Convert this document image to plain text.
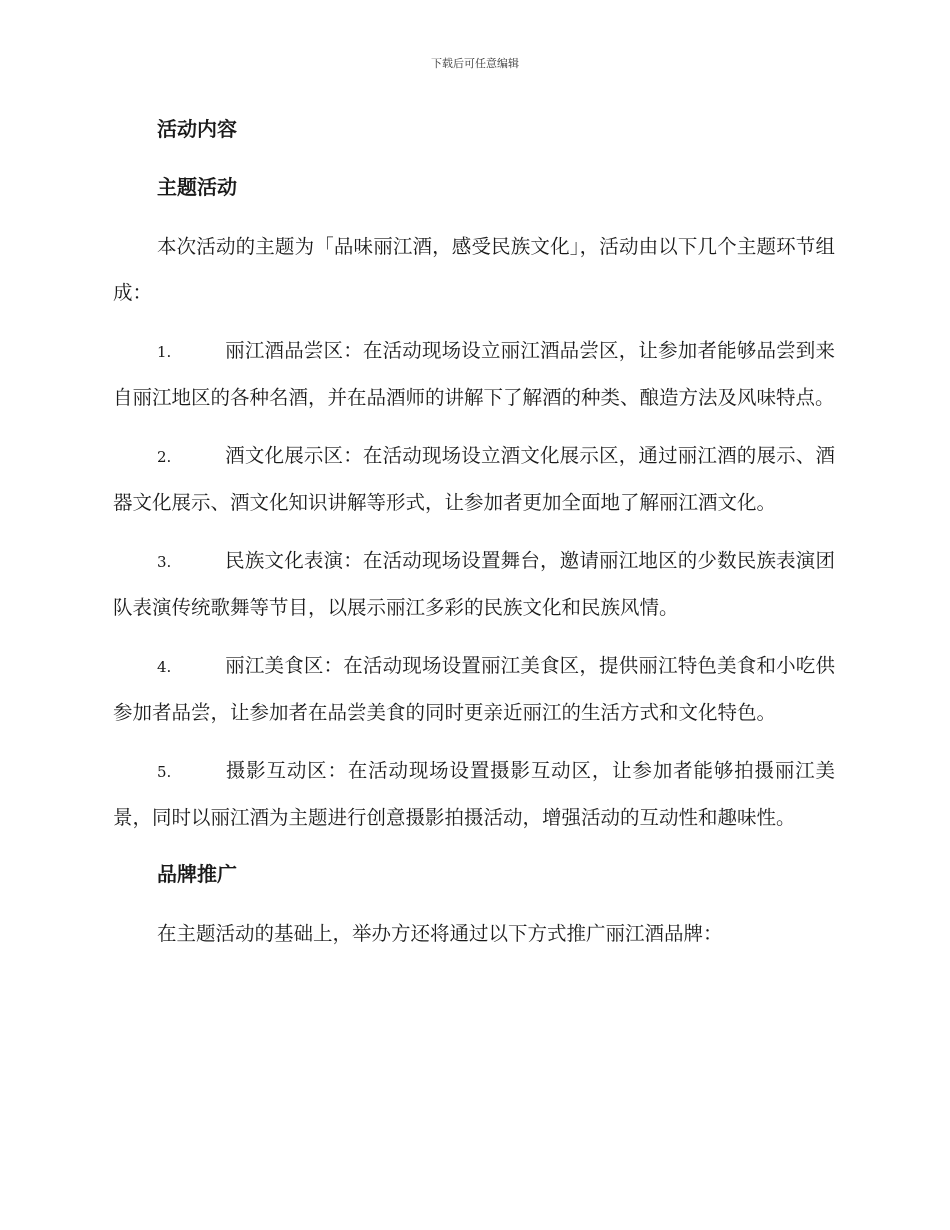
下载后可任意编辑
活动内容
主题活动

本次活动的主题为「品味丽江酒，感受民族文化」，活动由以下几个主题环节组成：

1.	丽江酒品尝区：在活动现场设立丽江酒品尝区，让参加者能够品尝到来自丽江地区的各种名酒，并在品酒师的讲解下了解酒的种类、酿造方法及风味特点。
2.	酒文化展示区：在活动现场设立酒文化展示区，通过丽江酒的展示、酒器文化展示、酒文化知识讲解等形式，让参加者更加全面地了解丽江酒文化。
3.	民族文化表演：在活动现场设置舞台，邀请丽江地区的少数民族表演团队表演传统歌舞等节目，以展示丽江多彩的民族文化和民族风情。
4.	丽江美食区：在活动现场设置丽江美食区，提供丽江特色美食和小吃供参加者品尝，让参加者在品尝美食的同时更亲近丽江的生活方式和文化特色。
5.	摄影互动区：在活动现场设置摄影互动区，让参加者能够拍摄丽江美景，同时以丽江酒为主题进行创意摄影拍摄活动，增强活动的互动性和趣味性。
品牌推广

在主题活动的基础上，举办方还将通过以下方式推广丽江酒品牌：
